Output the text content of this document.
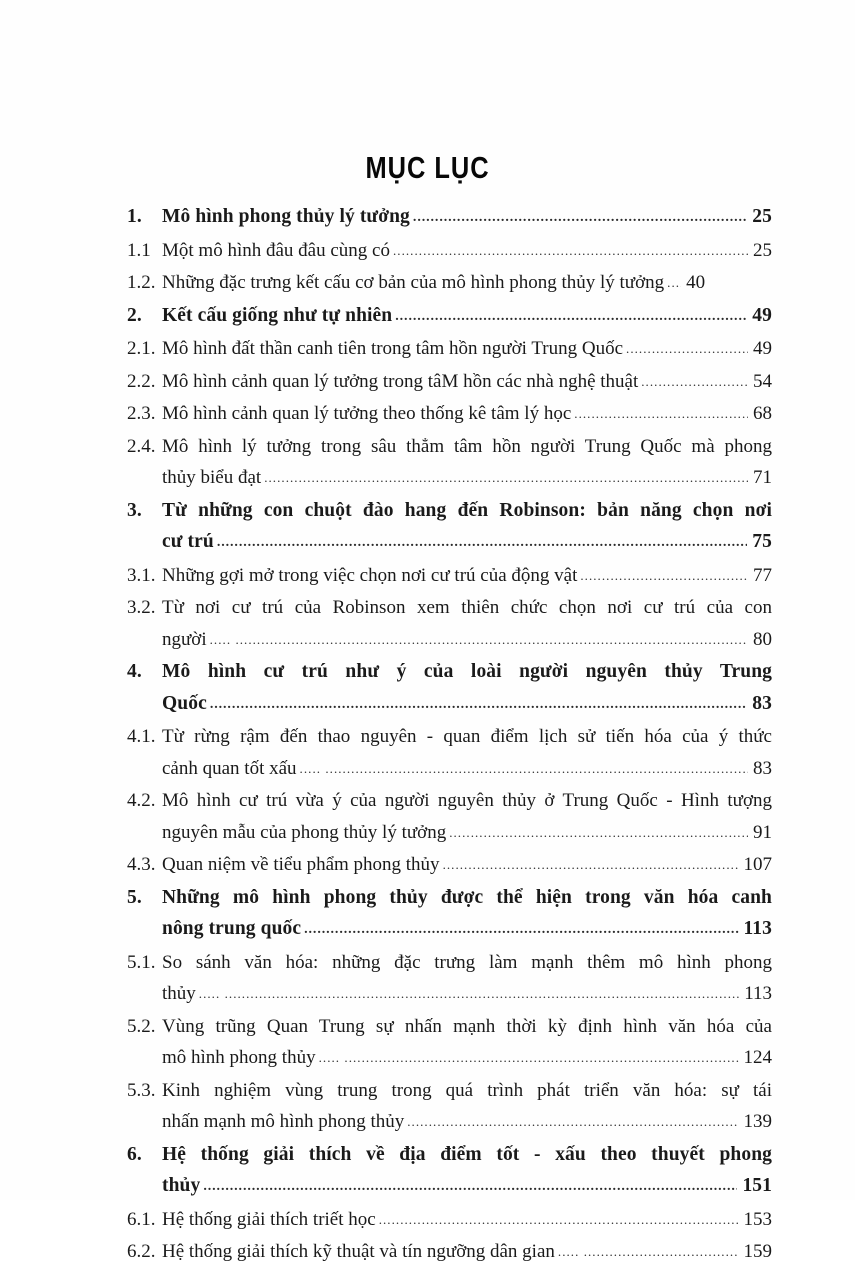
MỤC LỤC
1.	Mô hình phong thủy lý tưởng .....	25
1.1 Một mô hình đâu đâu cùng có .....	25
1.2. Những đặc trưng kết cấu cơ bản của mô hình phong thủy lý tưởng ..... 40
2.	Kết cấu giống như tự nhiên .....	49
2.1. Mô hình đất thần canh tiên trong tâm hồn người Trung Quốc .....	49
2.2. Mô hình cảnh quan lý tưởng trong tâM hồn các nhà nghệ thuật .....	54
2.3. Mô hình cảnh quan lý tưởng theo thống kê tâm lý học .....	68
2.4. Mô hình lý tưởng trong sâu thẳm tâm hồn người Trung Quốc mà phong
thủy biểu đạt .....	71
3.	Từ những con chuột đào hang đến Robinson: bản năng chọn nơi
cư trú .....	75
3.1. Những gợi mở trong việc chọn nơi cư trú của động vật .....	77
3.2. Từ nơi cư trú của Robinson xem thiên chức chọn nơi cư trú của con
người ..... .....	80
4.	Mô hình cư trú như ý của loài người nguyên thủy Trung
Quốc .....	83
4.1. Từ rừng rậm đến thao nguyên - quan điểm lịch sử tiến hóa của ý thức
cảnh quan tốt xấu ..... .....	83
4.2. Mô hình cư trú vừa ý của người nguyên thủy ở Trung Quốc - Hình tượng
nguyên mẫu của phong thủy lý tưởng .....	91
4.3. Quan niệm về tiểu phẩm phong thủy .....	107
5.	Những mô hình phong thủy được thể hiện trong văn hóa canh
nông trung quốc .....	113
5.1. So sánh văn hóa: những đặc trưng làm mạnh thêm mô hình phong
thủy ..... .....	113
5.2. Vùng trũng Quan Trung sự nhấn mạnh thời kỳ định hình văn hóa của
mô hình phong thủy ..... .....	124
5.3. Kinh nghiệm vùng trung trong quá trình phát triển văn hóa: sự tái
nhấn mạnh mô hình phong thủy .....	139
6.	Hệ thống giải thích về địa điểm tốt - xấu theo thuyết phong
thủy .....	151
6.1. Hệ thống giải thích triết học .....	153
6.2. Hệ thống giải thích kỹ thuật và tín ngưỡng dân gian ..... .....	159
